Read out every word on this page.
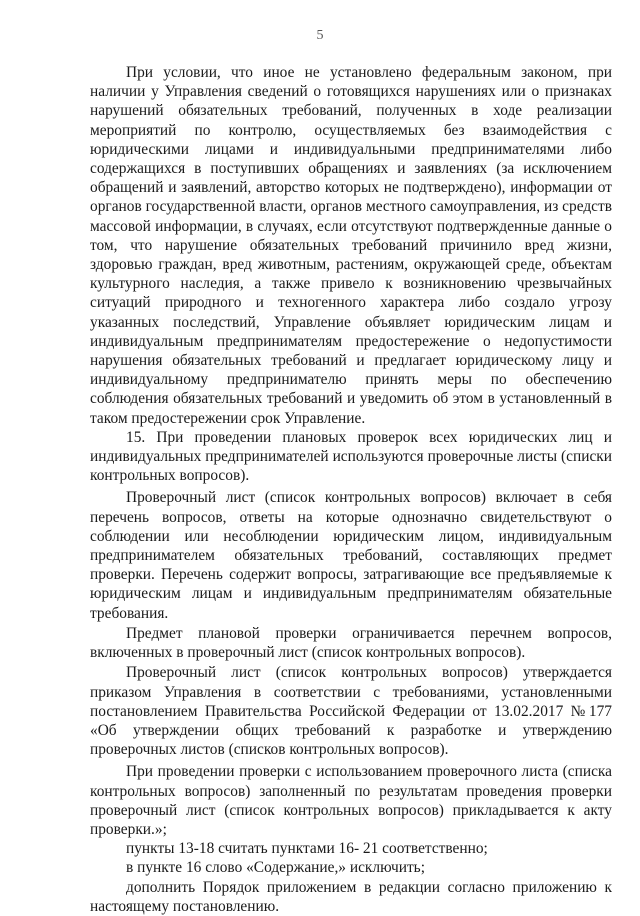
5

При условии, что иное не установлено федеральным законом, при наличии у Управления сведений о готовящихся нарушениях или о признаках нарушений обязательных требований, полученных в ходе реализации мероприятий по контролю, осуществляемых без взаимодействия с юридическими лицами и индивидуальными предпринимателями либо содержащихся в поступивших обращениях и заявлениях (за исключением обращений и заявлений, авторство которых не подтверждено), информации от органов государственной власти, органов местного самоуправления, из средств массовой информации, в случаях, если отсутствуют подтвержденные данные о том, что нарушение обязательных требований причинило вред жизни, здоровью граждан, вред животным, растениям, окружающей среде, объектам культурного наследия, а также привело к возникновению чрезвычайных ситуаций природного и техногенного характера либо создало угрозу указанных последствий, Управление объявляет юридическим лицам и индивидуальным предпринимателям предостережение о недопустимости нарушения обязательных требований и предлагает юридическому лицу и индивидуальному предпринимателю принять меры по обеспечению соблюдения обязательных требований и уведомить об этом в установленный в таком предостережении срок Управление.

15. При проведении плановых проверок всех юридических лиц и индивидуальных предпринимателей используются проверочные листы (списки контрольных вопросов).

Проверочный лист (список контрольных вопросов) включает в себя перечень вопросов, ответы на которые однозначно свидетельствуют о соблюдении или несоблюдении юридическим лицом, индивидуальным предпринимателем обязательных требований, составляющих предмет проверки. Перечень содержит вопросы, затрагивающие все предъявляемые к юридическим лицам и индивидуальным предпринимателям обязательные требования.

Предмет плановой проверки ограничивается перечнем вопросов, включенных в проверочный лист (список контрольных вопросов).

Проверочный лист (список контрольных вопросов) утверждается приказом Управления в соответствии с требованиями, установленными постановлением Правительства Российской Федерации от 13.02.2017 №177 «Об утверждении общих требований к разработке и утверждению проверочных листов (списков контрольных вопросов).

При проведении проверки с использованием проверочного листа (списка контрольных вопросов) заполненный по результатам проведения проверки проверочный лист (список контрольных вопросов) прикладывается к акту проверки.»;

пункты 13-18 считать пунктами 16- 21 соответственно;

в пункте 16 слово «Содержание,» исключить;

дополнить Порядок приложением в редакции согласно приложению к настоящему постановлению.
